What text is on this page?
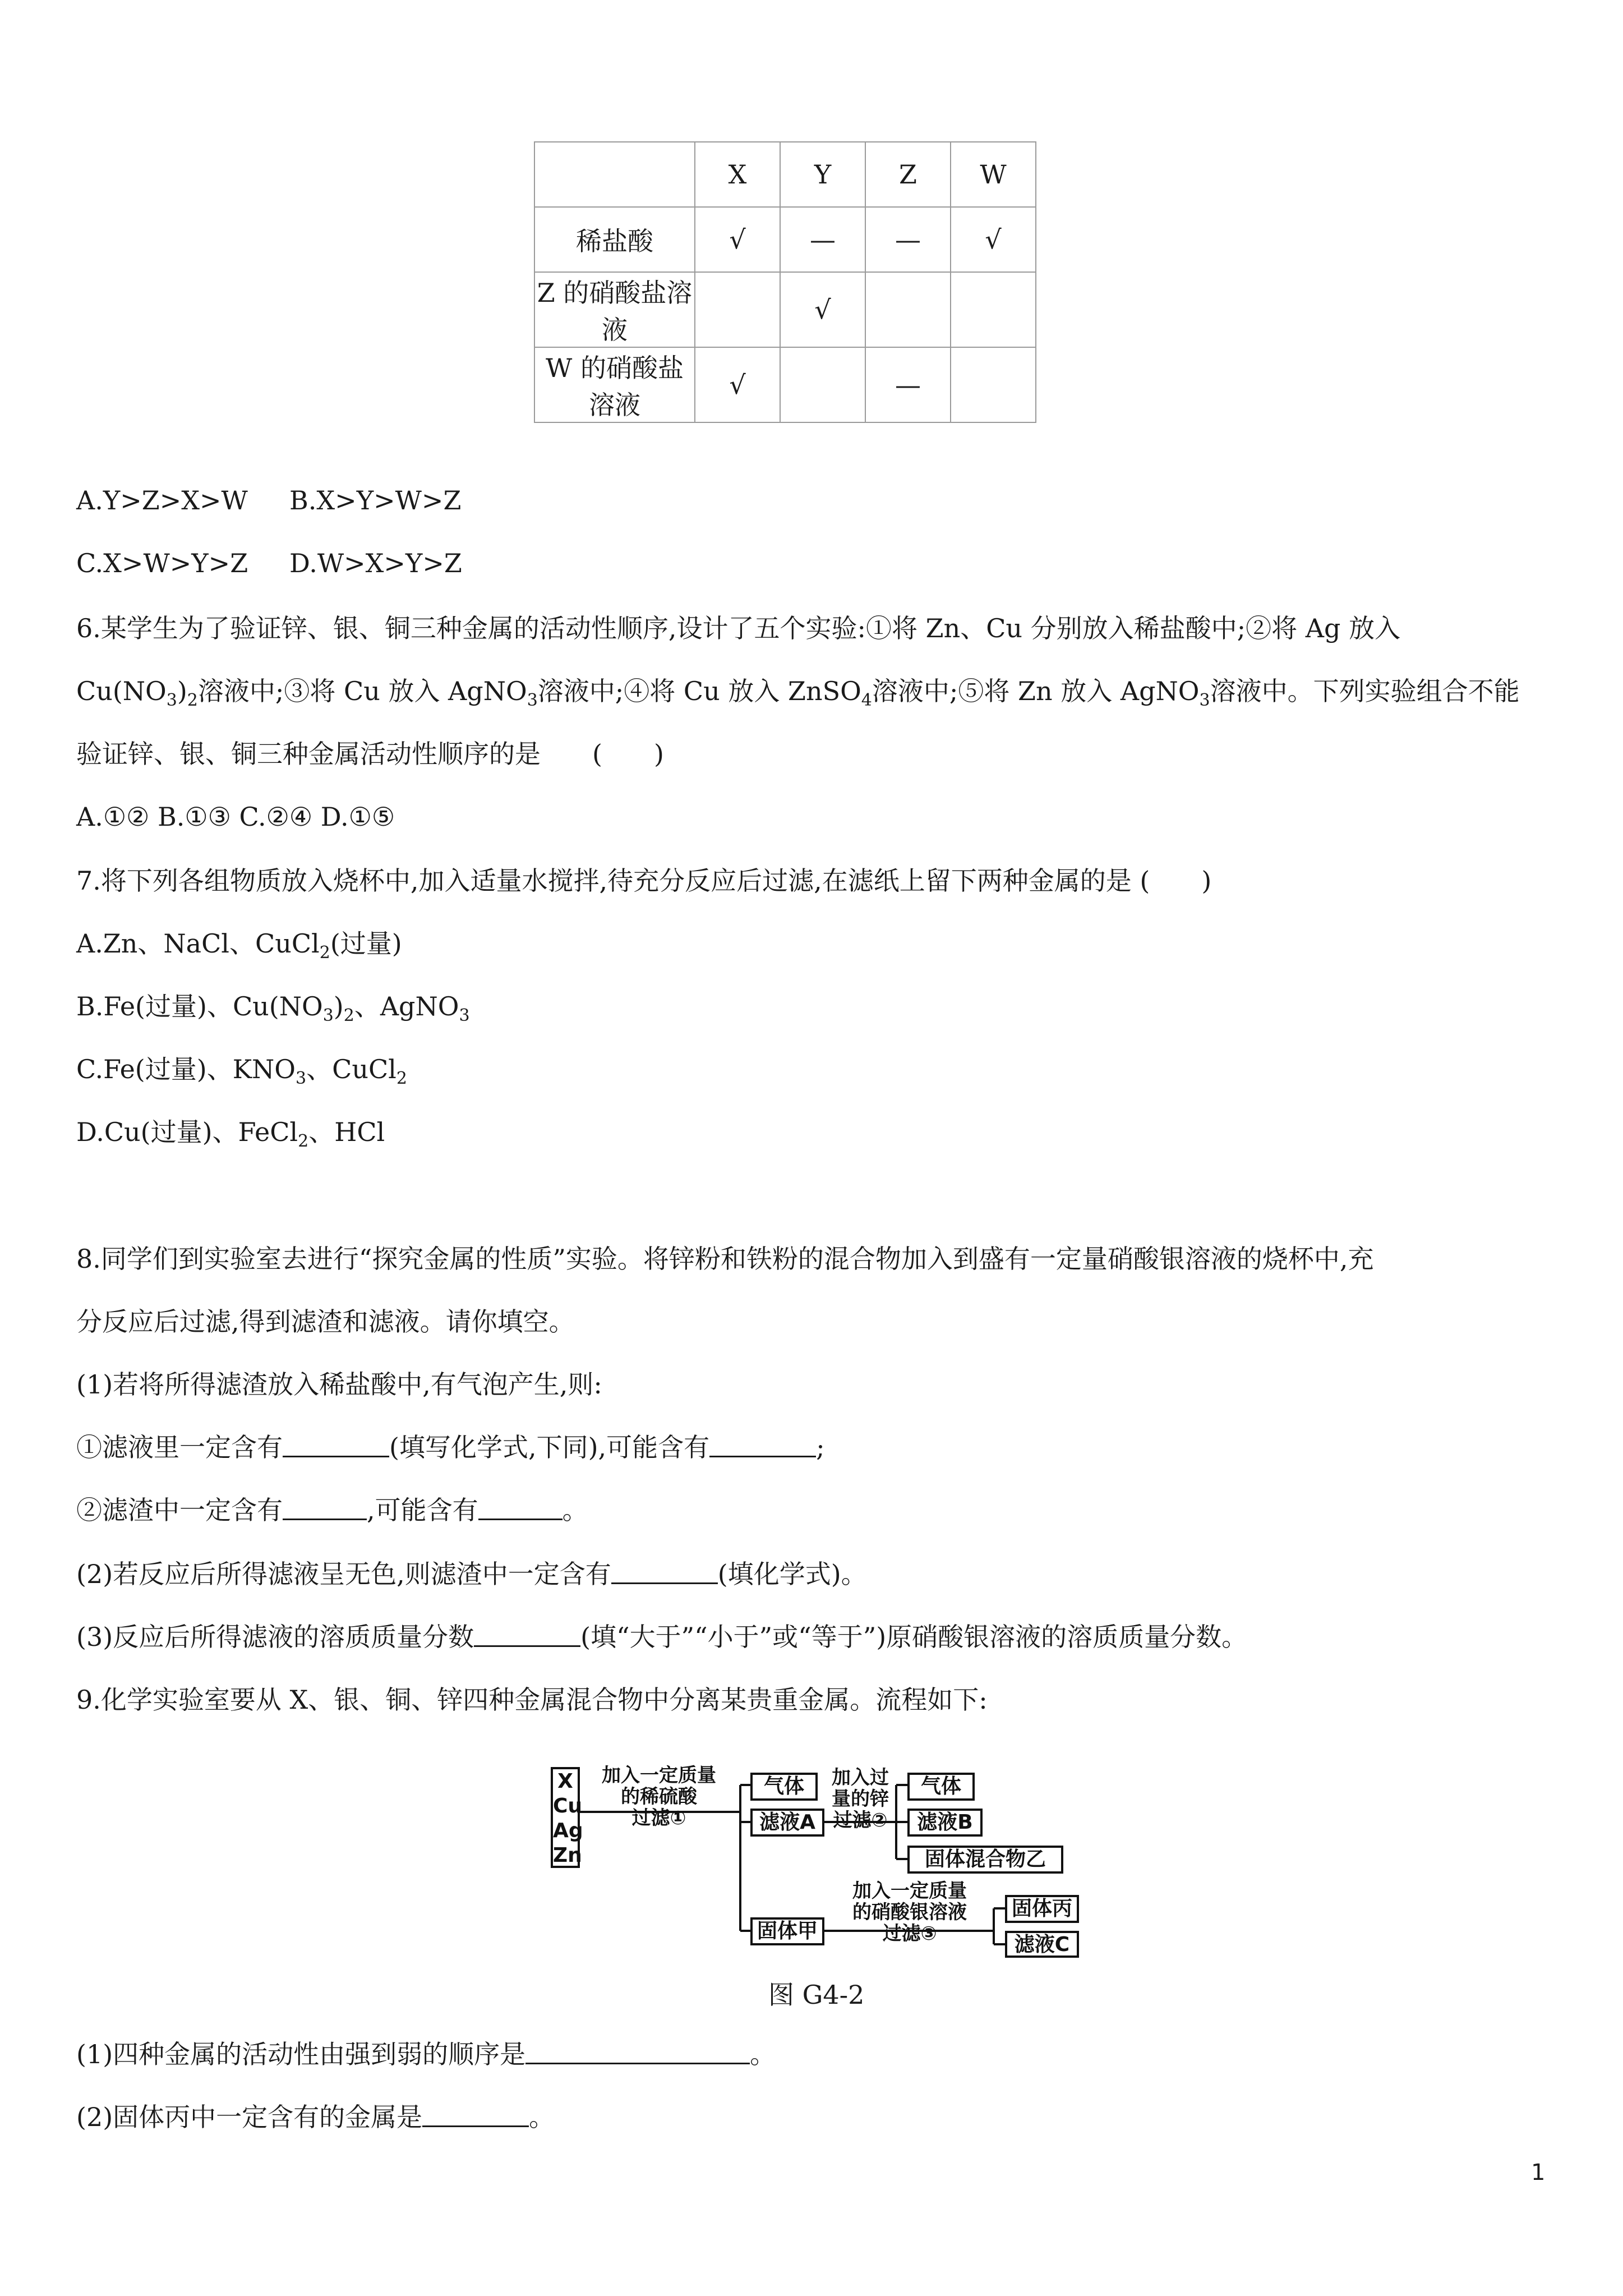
	X	Y	Z	W
稀盐酸	√	—	—	√
Z 的硝酸盐溶液		√		
W 的硝酸盐溶液	√		—	
A.Y>Z>X>W B.X>Y>W>Z
C.X>W>Y>Z D.W>X>Y>Z
6.某学生为了验证锌、银、铜三种金属的活动性顺序,设计了五个实验:①将 Zn、Cu 分别放入稀盐酸中;②将 Ag 放入
$Cu(NO_3)_2$溶液中;③将 Cu 放入 AgNO$_3$溶液中;④将 Cu 放入 ZnSO$_4$溶液中;⑤将 Zn 放入 AgNO$_3$溶液中。下列实验组合不能
验证锌、银、铜三种金属活动性顺序的是　　(　　)
A.①② B.①③ C.②④ D.①⑤
7.将下列各组物质放入烧杯中,加入适量水搅拌,待充分反应后过滤,在滤纸上留下两种金属的是 (　　)
A.Zn、NaCl、CuCl$_2$(过量)
B.Fe(过量)、$Cu(NO_3)_2$、AgNO$_3$
C.Fe(过量)、$KNO_3$、CuCl$_2$
D.Cu(过量)、FeCl$_2$、HCl
8.同学们到实验室去进行“探究金属的性质”实验。将锌粉和铁粉的混合物加入到盛有一定量硝酸银溶液的烧杯中,充
分反应后过滤,得到滤渣和滤液。请你填空。
(1)若将所得滤渣放入稀盐酸中,有气泡产生,则:
①滤液里一定含有	(填写化学式,下同),可能含有	;
②滤渣中一定含有	,可能含有	。
(2)若反应后所得滤液呈无色,则滤渣中一定含有	(填化学式)。
(3)反应后所得滤液的溶质质量分数	(填“大于”“小于”或“等于”)原硝酸银溶液的溶质质量分数。
9.化学实验室要从 X、银、铜、锌四种金属混合物中分离某贵重金属。流程如下:
X
Cu
Ag
Zn
加入一定质量
的稀硫酸
过滤①
气体
滤液A
加入过
量的锌
过滤②
气体
滤液B
固体混合物乙
固体甲
加入一定质量
的硝酸银溶液
过滤③
固体丙
滤液C
图 G4-2
(1)四种金属的活动性由强到弱的顺序是	。
(2)固体丙中一定含有的金属是	。
1
